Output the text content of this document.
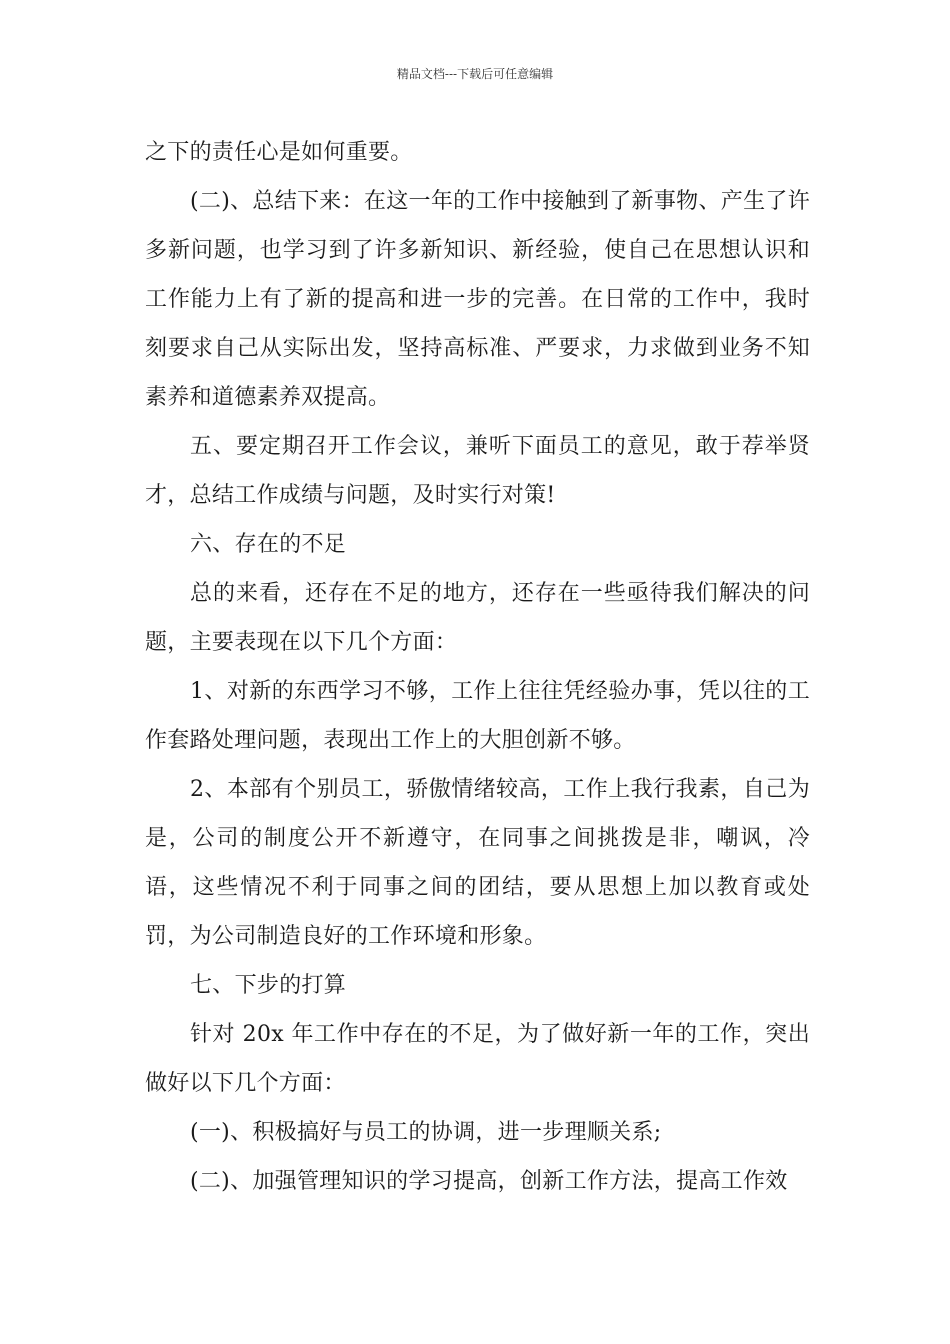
精品文档---下载后可任意编辑

之下的责任心是如何重要。

(二)、总结下来：在这一年的工作中接触到了新事物、产生了许多新问题，也学习到了许多新知识、新经验，使自己在思想认识和工作能力上有了新的提高和进一步的完善。在日常的工作中，我时刻要求自己从实际出发，坚持高标准、严要求，力求做到业务不知素养和道德素养双提高。

五、要定期召开工作会议，兼听下面员工的意见，敢于荐举贤才，总结工作成绩与问题，及时实行对策!

六、存在的不足

总的来看，还存在不足的地方，还存在一些亟待我们解决的问题，主要表现在以下几个方面：

1、对新的东西学习不够，工作上往往凭经验办事，凭以往的工作套路处理问题，表现出工作上的大胆创新不够。

2、本部有个别员工，骄傲情绪较高，工作上我行我素，自己为是，公司的制度公开不新遵守，在同事之间挑拨是非，嘲讽，冷语，这些情况不利于同事之间的团结，要从思想上加以教育或处罚，为公司制造良好的工作环境和形象。

七、下步的打算

针对 20x 年工作中存在的不足，为了做好新一年的工作，突出做好以下几个方面：

(一)、积极搞好与员工的协调，进一步理顺关系;

(二)、加强管理知识的学习提高，创新工作方法，提高工作效
